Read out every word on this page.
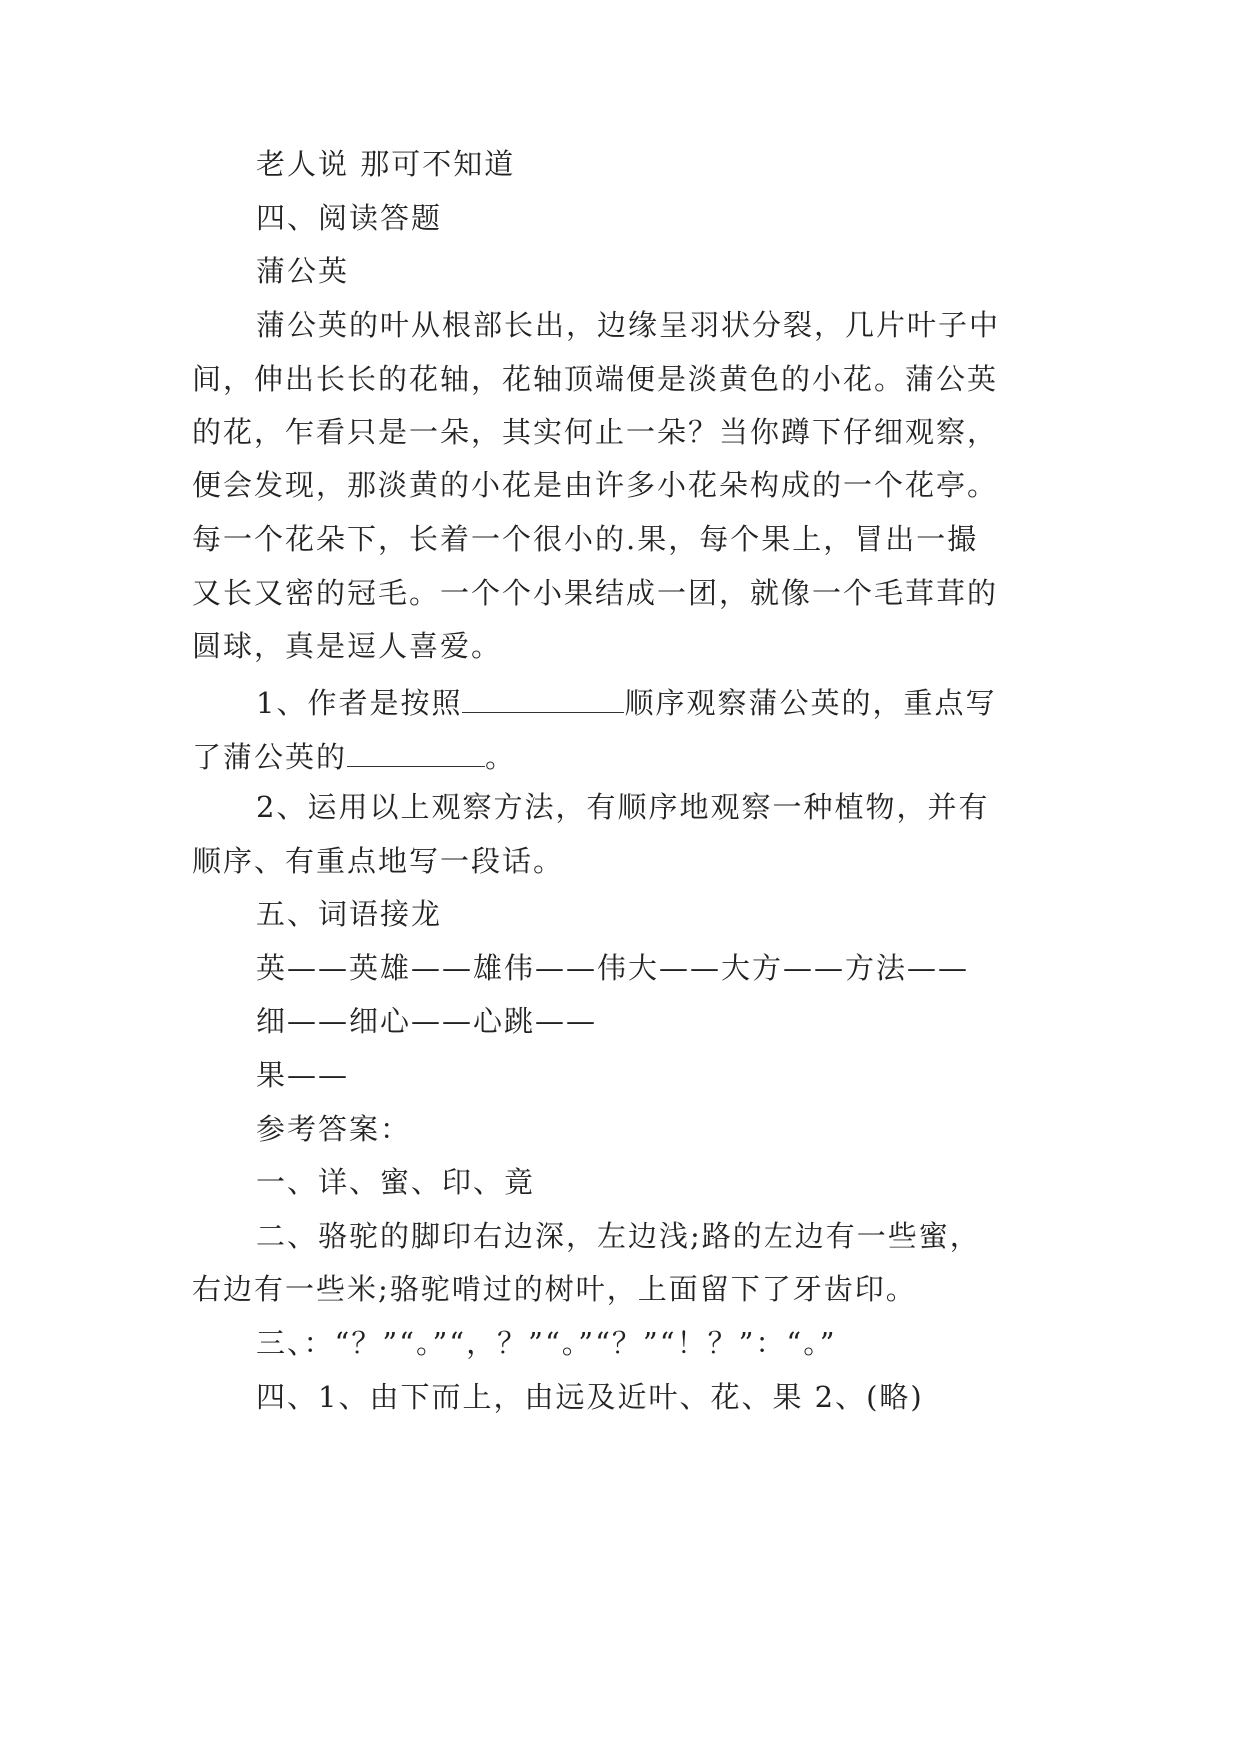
老人说 那可不知道
四、阅读答题
蒲公英
蒲公英的叶从根部长出，边缘呈羽状分裂，几片叶子中
间，伸出长长的花轴，花轴顶端便是淡黄色的小花。蒲公英
的花，乍看只是一朵，其实何止一朵？当你蹲下仔细观察，
便会发现，那淡黄的小花是由许多小花朵构成的一个花亭。
每一个花朵下，长着一个很小的.果，每个果上，冒出一撮
又长又密的冠毛。一个个小果结成一团，就像一个毛茸茸的
圆球，真是逗人喜爱。
1、作者是按照	顺序观察蒲公英的，重点写
了蒲公英的	。
2、运用以上观察方法，有顺序地观察一种植物，并有
顺序、有重点地写一段话。
五、词语接龙
英——英雄——雄伟——伟大——大方——方法——
细——细心——心跳——
果——
参考答案：
一、详、蜜、印、竟
二、骆驼的脚印右边深，左边浅;路的左边有一些蜜，
右边有一些米;骆驼啃过的树叶，上面留下了牙齿印。
三、：“？”“。”“，？”“。”“？”“！？”：“。”
四、1、由下而上，由远及近叶、花、果 2、(略)
